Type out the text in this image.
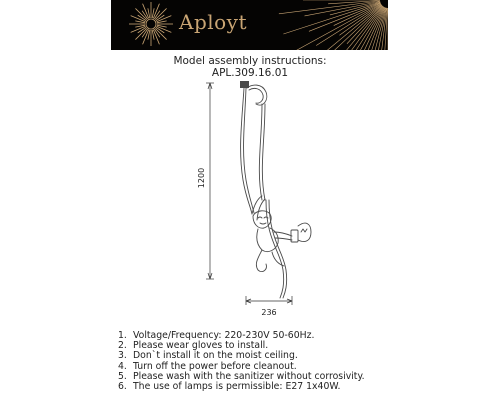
Aployt
Model assembly instructions:
APL.309.16.01
1200
236
1. Voltage/Frequency: 220-230V 50-60Hz.
2. Please wear gloves to install.
3. Don`t install it on the moist ceiling.
4. Turn off the power before cleanout.
5. Please wash with the sanitizer without corrosivity.
6. The use of lamps is permissible: E27 1x40W.
